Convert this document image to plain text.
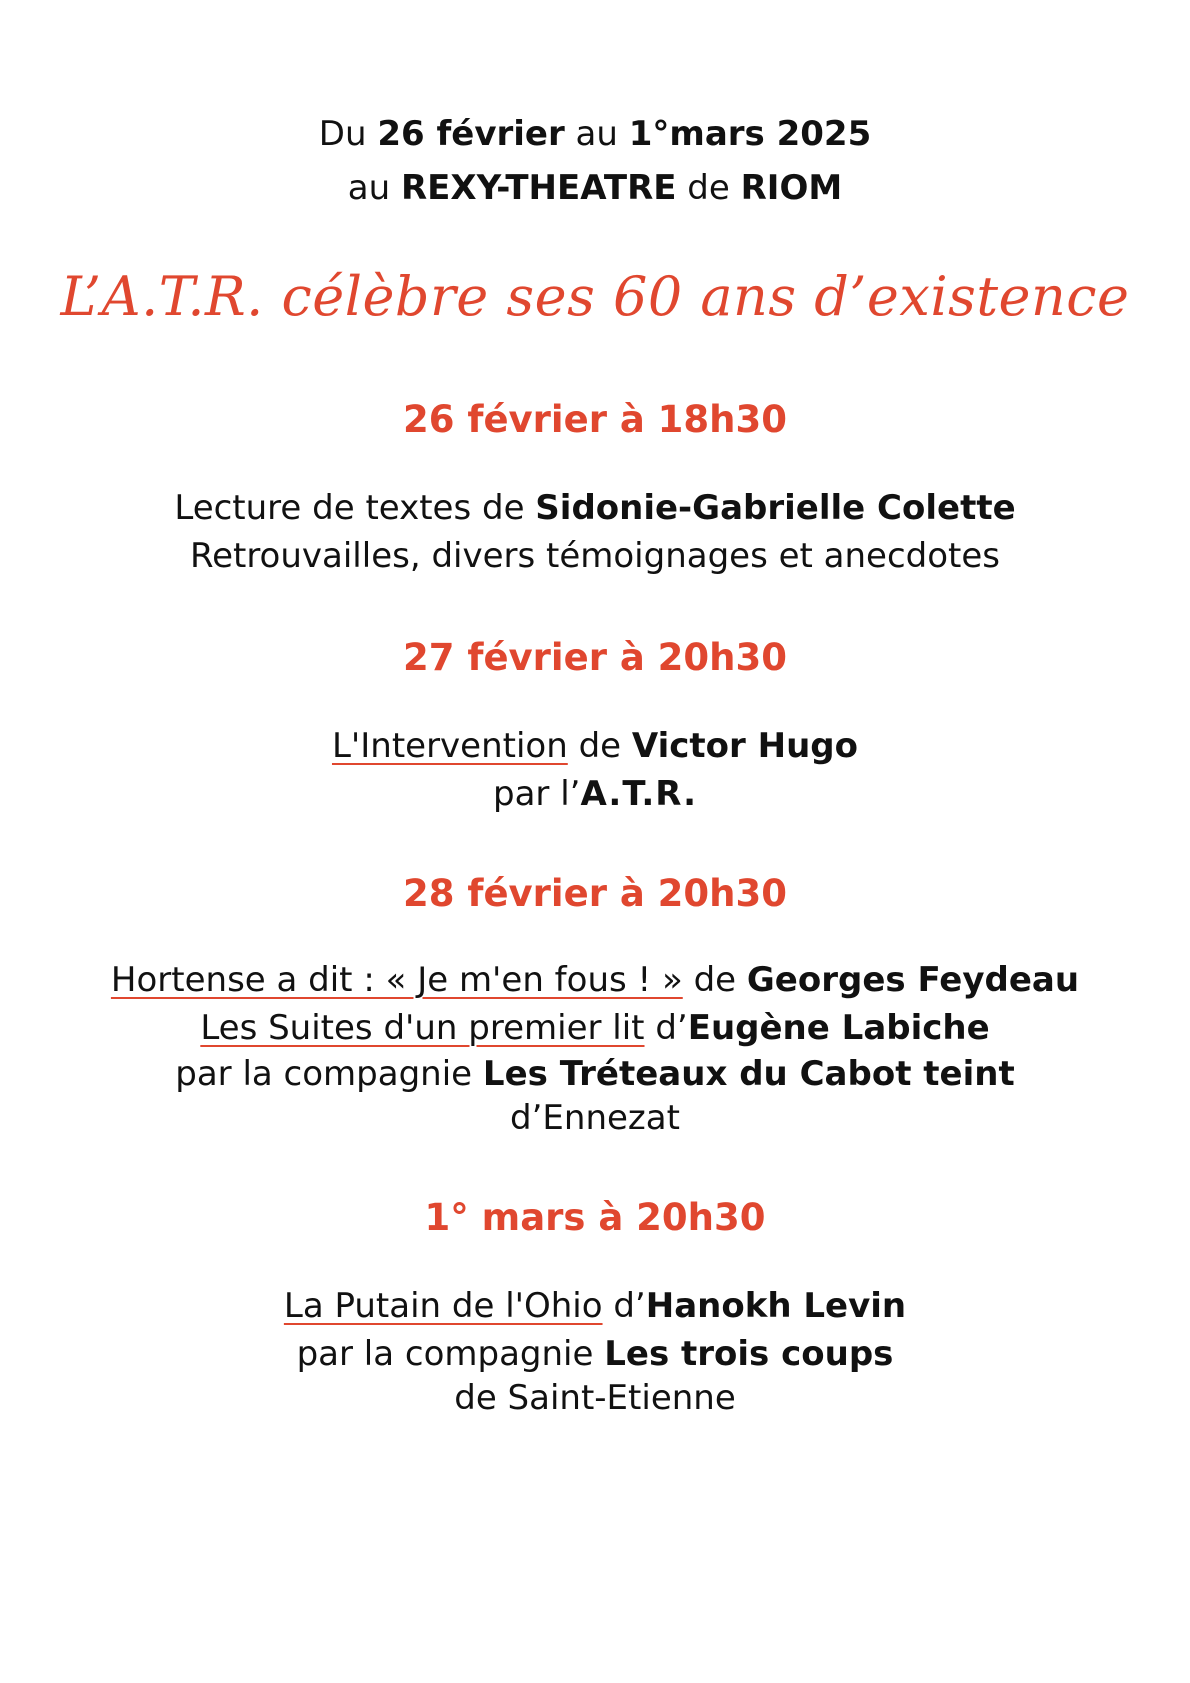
Du 26 février au 1°mars 2025
au REXY-THEATRE de RIOM
L’A.T.R. célèbre ses 60 ans d’existence
26 février à 18h30
Lecture de textes de Sidonie-Gabrielle Colette
Retrouvailles, divers témoignages et anecdotes
27 février à 20h30
L'Intervention de Victor Hugo
par l’A.T.R.
28 février à 20h30
Hortense a dit : « Je m'en fous ! » de Georges Feydeau
Les Suites d'un premier lit d’Eugène Labiche
par la compagnie Les Tréteaux du Cabot teint
d’Ennezat
1° mars à 20h30
La Putain de l'Ohio d’Hanokh Levin
par la compagnie Les trois coups
de Saint-Etienne
